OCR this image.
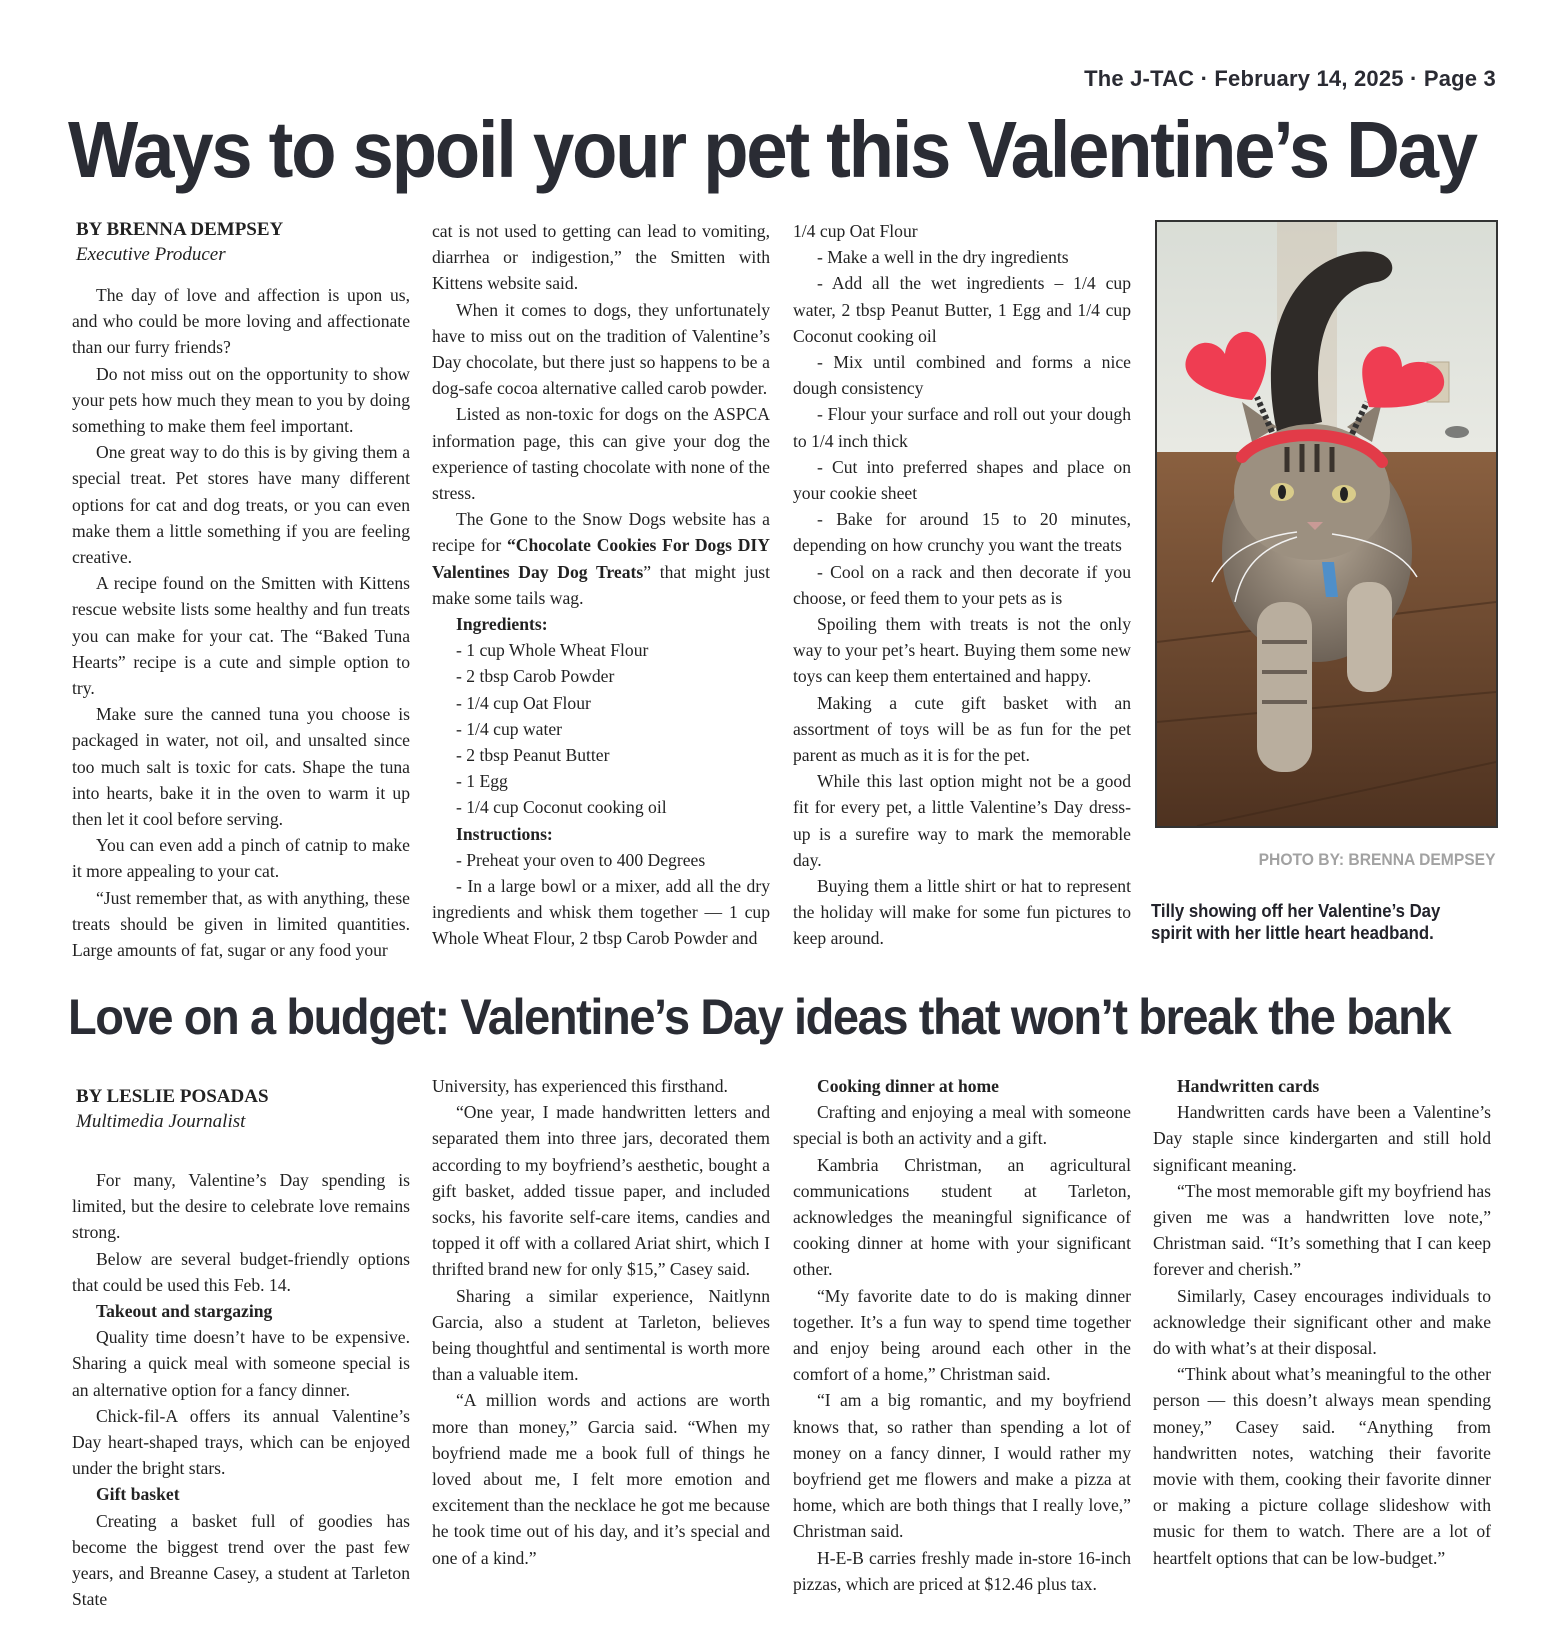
The J-TAC · February 14, 2025 · Page 3
Ways to spoil your pet this Valentine’s Day

BY BRENNA DEMPSEY

Executive Producer

The day of love and affection is upon us, and who could be more loving and affectionate than our furry friends?

Do not miss out on the opportunity to show your pets how much they mean to you by doing something to make them feel important.

One great way to do this is by giving them a special treat. Pet stores have many different options for cat and dog treats, or you can even make them a little something if you are feeling creative.

A recipe found on the Smitten with Kittens rescue website lists some healthy and fun treats you can make for your cat. The “Baked Tuna Hearts” recipe is a cute and simple option to try.

Make sure the canned tuna you choose is packaged in water, not oil, and unsalted since too much salt is toxic for cats. Shape the tuna into hearts, bake it in the oven to warm it up then let it cool before serving.

You can even add a pinch of catnip to make it more appealing to your cat.

“Just remember that, as with anything, these treats should be given in limited quantities. Large amounts of fat, sugar or any food your

cat is not used to getting can lead to vomiting, diarrhea or indigestion,” the Smitten with Kittens website said.

When it comes to dogs, they unfortunately have to miss out on the tradition of Valentine’s Day chocolate, but there just so happens to be a dog-safe cocoa alternative called carob powder.

Listed as non-toxic for dogs on the ASPCA information page, this can give your dog the experience of tasting chocolate with none of the stress.

The Gone to the Snow Dogs website has a recipe for “Chocolate Cookies For Dogs DIY Valentines Day Dog Treats” that might just make some tails wag.

Ingredients:

- 1 cup Whole Wheat Flour

- 2 tbsp Carob Powder

- 1/4 cup Oat Flour

- 1/4 cup water

- 2 tbsp Peanut Butter

- 1 Egg

- 1/4 cup Coconut cooking oil

Instructions:

- Preheat your oven to 400 Degrees

- In a large bowl or a mixer, add all the dry ingredients and whisk them together — 1 cup Whole Wheat Flour, 2 tbsp Carob Powder and

1/4 cup Oat Flour

- Make a well in the dry ingredients

- Add all the wet ingredients – 1/4 cup water, 2 tbsp Peanut Butter, 1 Egg and 1/4 cup Coconut cooking oil

- Mix until combined and forms a nice dough consistency

- Flour your surface and roll out your dough to 1/4 inch thick

- Cut into preferred shapes and place on your cookie sheet

- Bake for around 15 to 20 minutes, depending on how crunchy you want the treats

- Cool on a rack and then decorate if you choose, or feed them to your pets as is

Spoiling them with treats is not the only way to your pet’s heart. Buying them some new toys can keep them entertained and happy.

Making a cute gift basket with an assortment of toys will be as fun for the pet parent as much as it is for the pet.

While this last option might not be a good fit for every pet, a little Valentine’s Day dress-up is a surefire way to mark the memorable day.

Buying them a little shirt or hat to represent the holiday will make for some fun pictures to keep around.

PHOTO BY: BRENNA DEMPSEY
Tilly showing off her Valentine’s Day spirit with her little heart headband.
Love on a budget: Valentine’s Day ideas that won’t break the bank

BY LESLIE POSADAS

Multimedia Journalist

For many, Valentine’s Day spending is limited, but the desire to celebrate love remains strong.

Below are several budget-friendly options that could be used this Feb. 14.

Takeout and stargazing

Quality time doesn’t have to be expensive. Sharing a quick meal with someone special is an alternative option for a fancy dinner.

Chick-fil-A offers its annual Valentine’s Day heart-shaped trays, which can be enjoyed under the bright stars.

Gift basket

Creating a basket full of goodies has become the biggest trend over the past few years, and Breanne Casey, a student at Tarleton State

University, has experienced this firsthand.

“One year, I made handwritten letters and separated them into three jars, decorated them according to my boyfriend’s aesthetic, bought a gift basket, added tissue paper, and included socks, his favorite self-care items, candies and topped it off with a collared Ariat shirt, which I thrifted brand new for only $15,” Casey said.

Sharing a similar experience, Naitlynn Garcia, also a student at Tarleton, believes being thoughtful and sentimental is worth more than a valuable item.

“A million words and actions are worth more than money,” Garcia said. “When my boyfriend made me a book full of things he loved about me, I felt more emotion and excitement than the necklace he got me because he took time out of his day, and it’s special and one of a kind.”

Cooking dinner at home

Crafting and enjoying a meal with someone special is both an activity and a gift.

Kambria Christman, an agricultural communications student at Tarleton, acknowledges the meaningful significance of cooking dinner at home with your significant other.

“My favorite date to do is making dinner together. It’s a fun way to spend time together and enjoy being around each other in the comfort of a home,” Christman said.

“I am a big romantic, and my boyfriend knows that, so rather than spending a lot of money on a fancy dinner, I would rather my boyfriend get me flowers and make a pizza at home, which are both things that I really love,” Christman said.

H-E-B carries freshly made in-store 16-inch pizzas, which are priced at $12.46 plus tax.

Handwritten cards

Handwritten cards have been a Valentine’s Day staple since kindergarten and still hold significant meaning.

“The most memorable gift my boyfriend has given me was a handwritten love note,” Christman said. “It’s something that I can keep forever and cherish.”

Similarly, Casey encourages individuals to acknowledge their significant other and make do with what’s at their disposal.

“Think about what’s meaningful to the other person — this doesn’t always mean spending money,” Casey said. “Anything from handwritten notes, watching their favorite movie with them, cooking their favorite dinner or making a picture collage slideshow with music for them to watch. There are a lot of heartfelt options that can be low-budget.”
